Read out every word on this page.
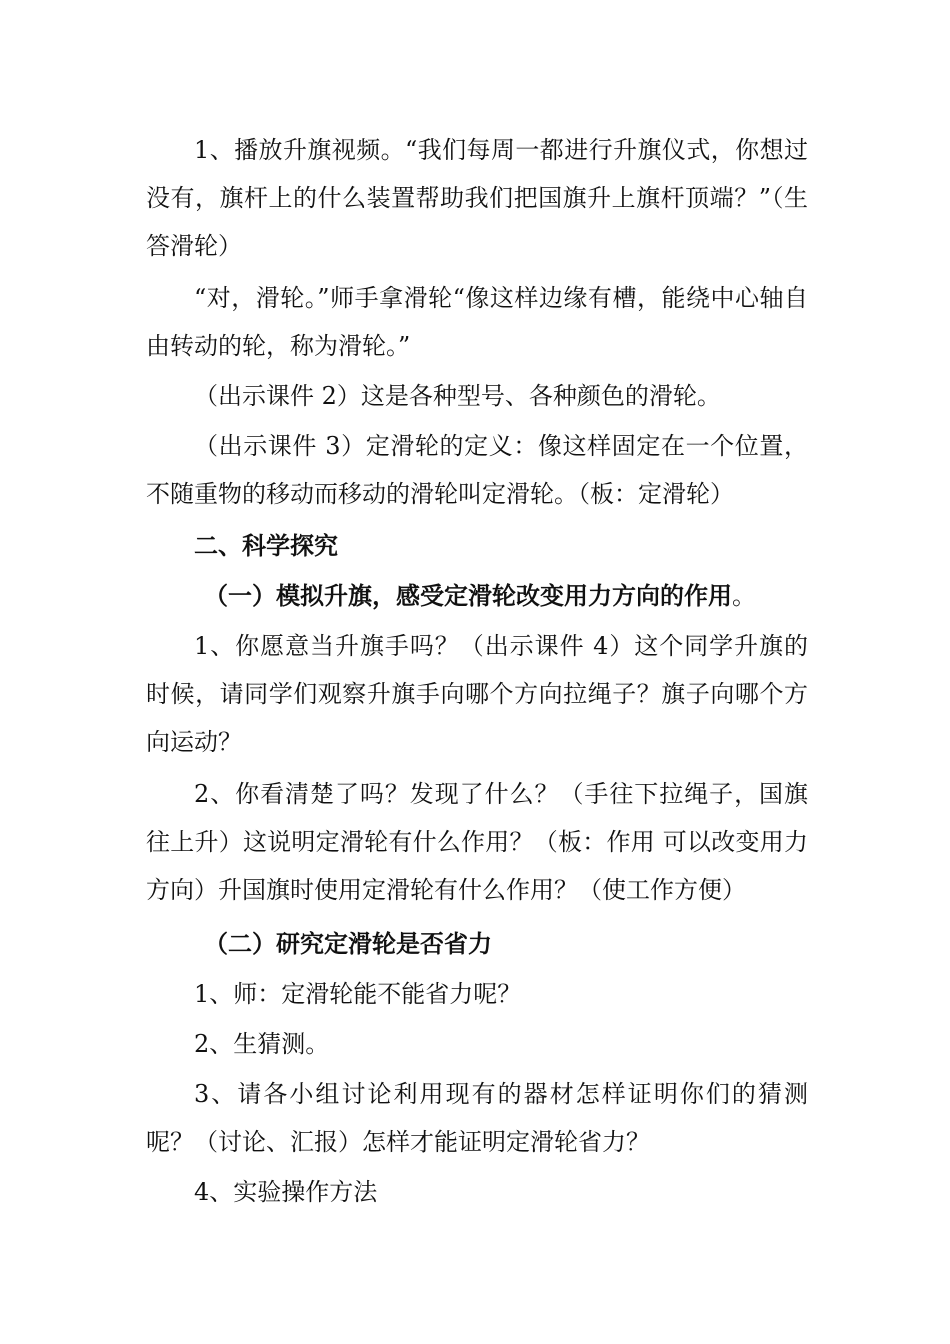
1、播放升旗视频。“我们每周一都进行升旗仪式，你想过没有，旗杆上的什么装置帮助我们把国旗升上旗杆顶端？”（生答滑轮）

“对，滑轮。”师手拿滑轮“像这样边缘有槽，能绕中心轴自由转动的轮，称为滑轮。”

（出示课件 2）这是各种型号、各种颜色的滑轮。

（出示课件 3）定滑轮的定义：像这样固定在一个位置，不随重物的移动而移动的滑轮叫定滑轮。（板：定滑轮）

二、科学探究

（一）模拟升旗，感受定滑轮改变用力方向的作用。

1、你愿意当升旗手吗？（出示课件 4）这个同学升旗的时候，请同学们观察升旗手向哪个方向拉绳子？旗子向哪个方向运动？

2、你看清楚了吗？发现了什么？（手往下拉绳子，国旗往上升）这说明定滑轮有什么作用？（板：作用 可以改变用力方向）升国旗时使用定滑轮有什么作用？（使工作方便）

（二）研究定滑轮是否省力

1、师：定滑轮能不能省力呢？

2、生猜测。

3、请各小组讨论利用现有的器材怎样证明你们的猜测呢？（讨论、汇报）怎样才能证明定滑轮省力？

4、实验操作方法
